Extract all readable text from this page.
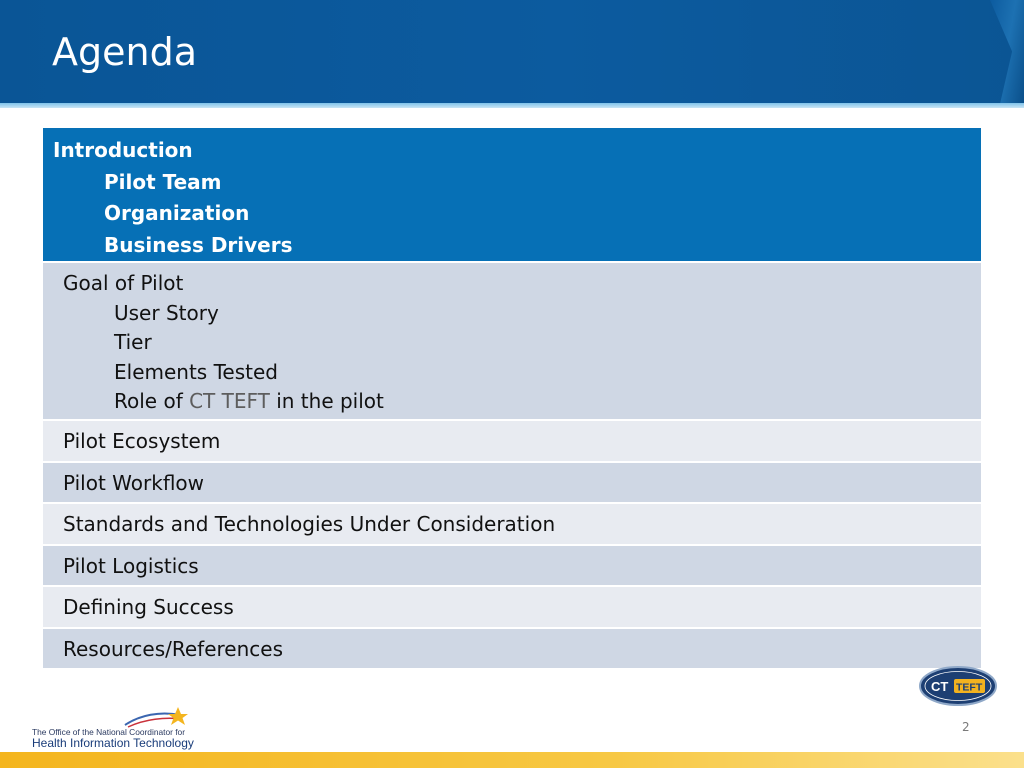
Agenda
Introduction
Pilot Team
Organization
Business Drivers
Goal of Pilot
User Story
Tier
Elements Tested
Role of CT TEFT in the pilot
Pilot Ecosystem
Pilot Workflow
Standards and Technologies Under Consideration
Pilot Logistics
Defining Success
Resources/References
CT TEFT
The Office of the National Coordinator for
Health Information Technology
2
